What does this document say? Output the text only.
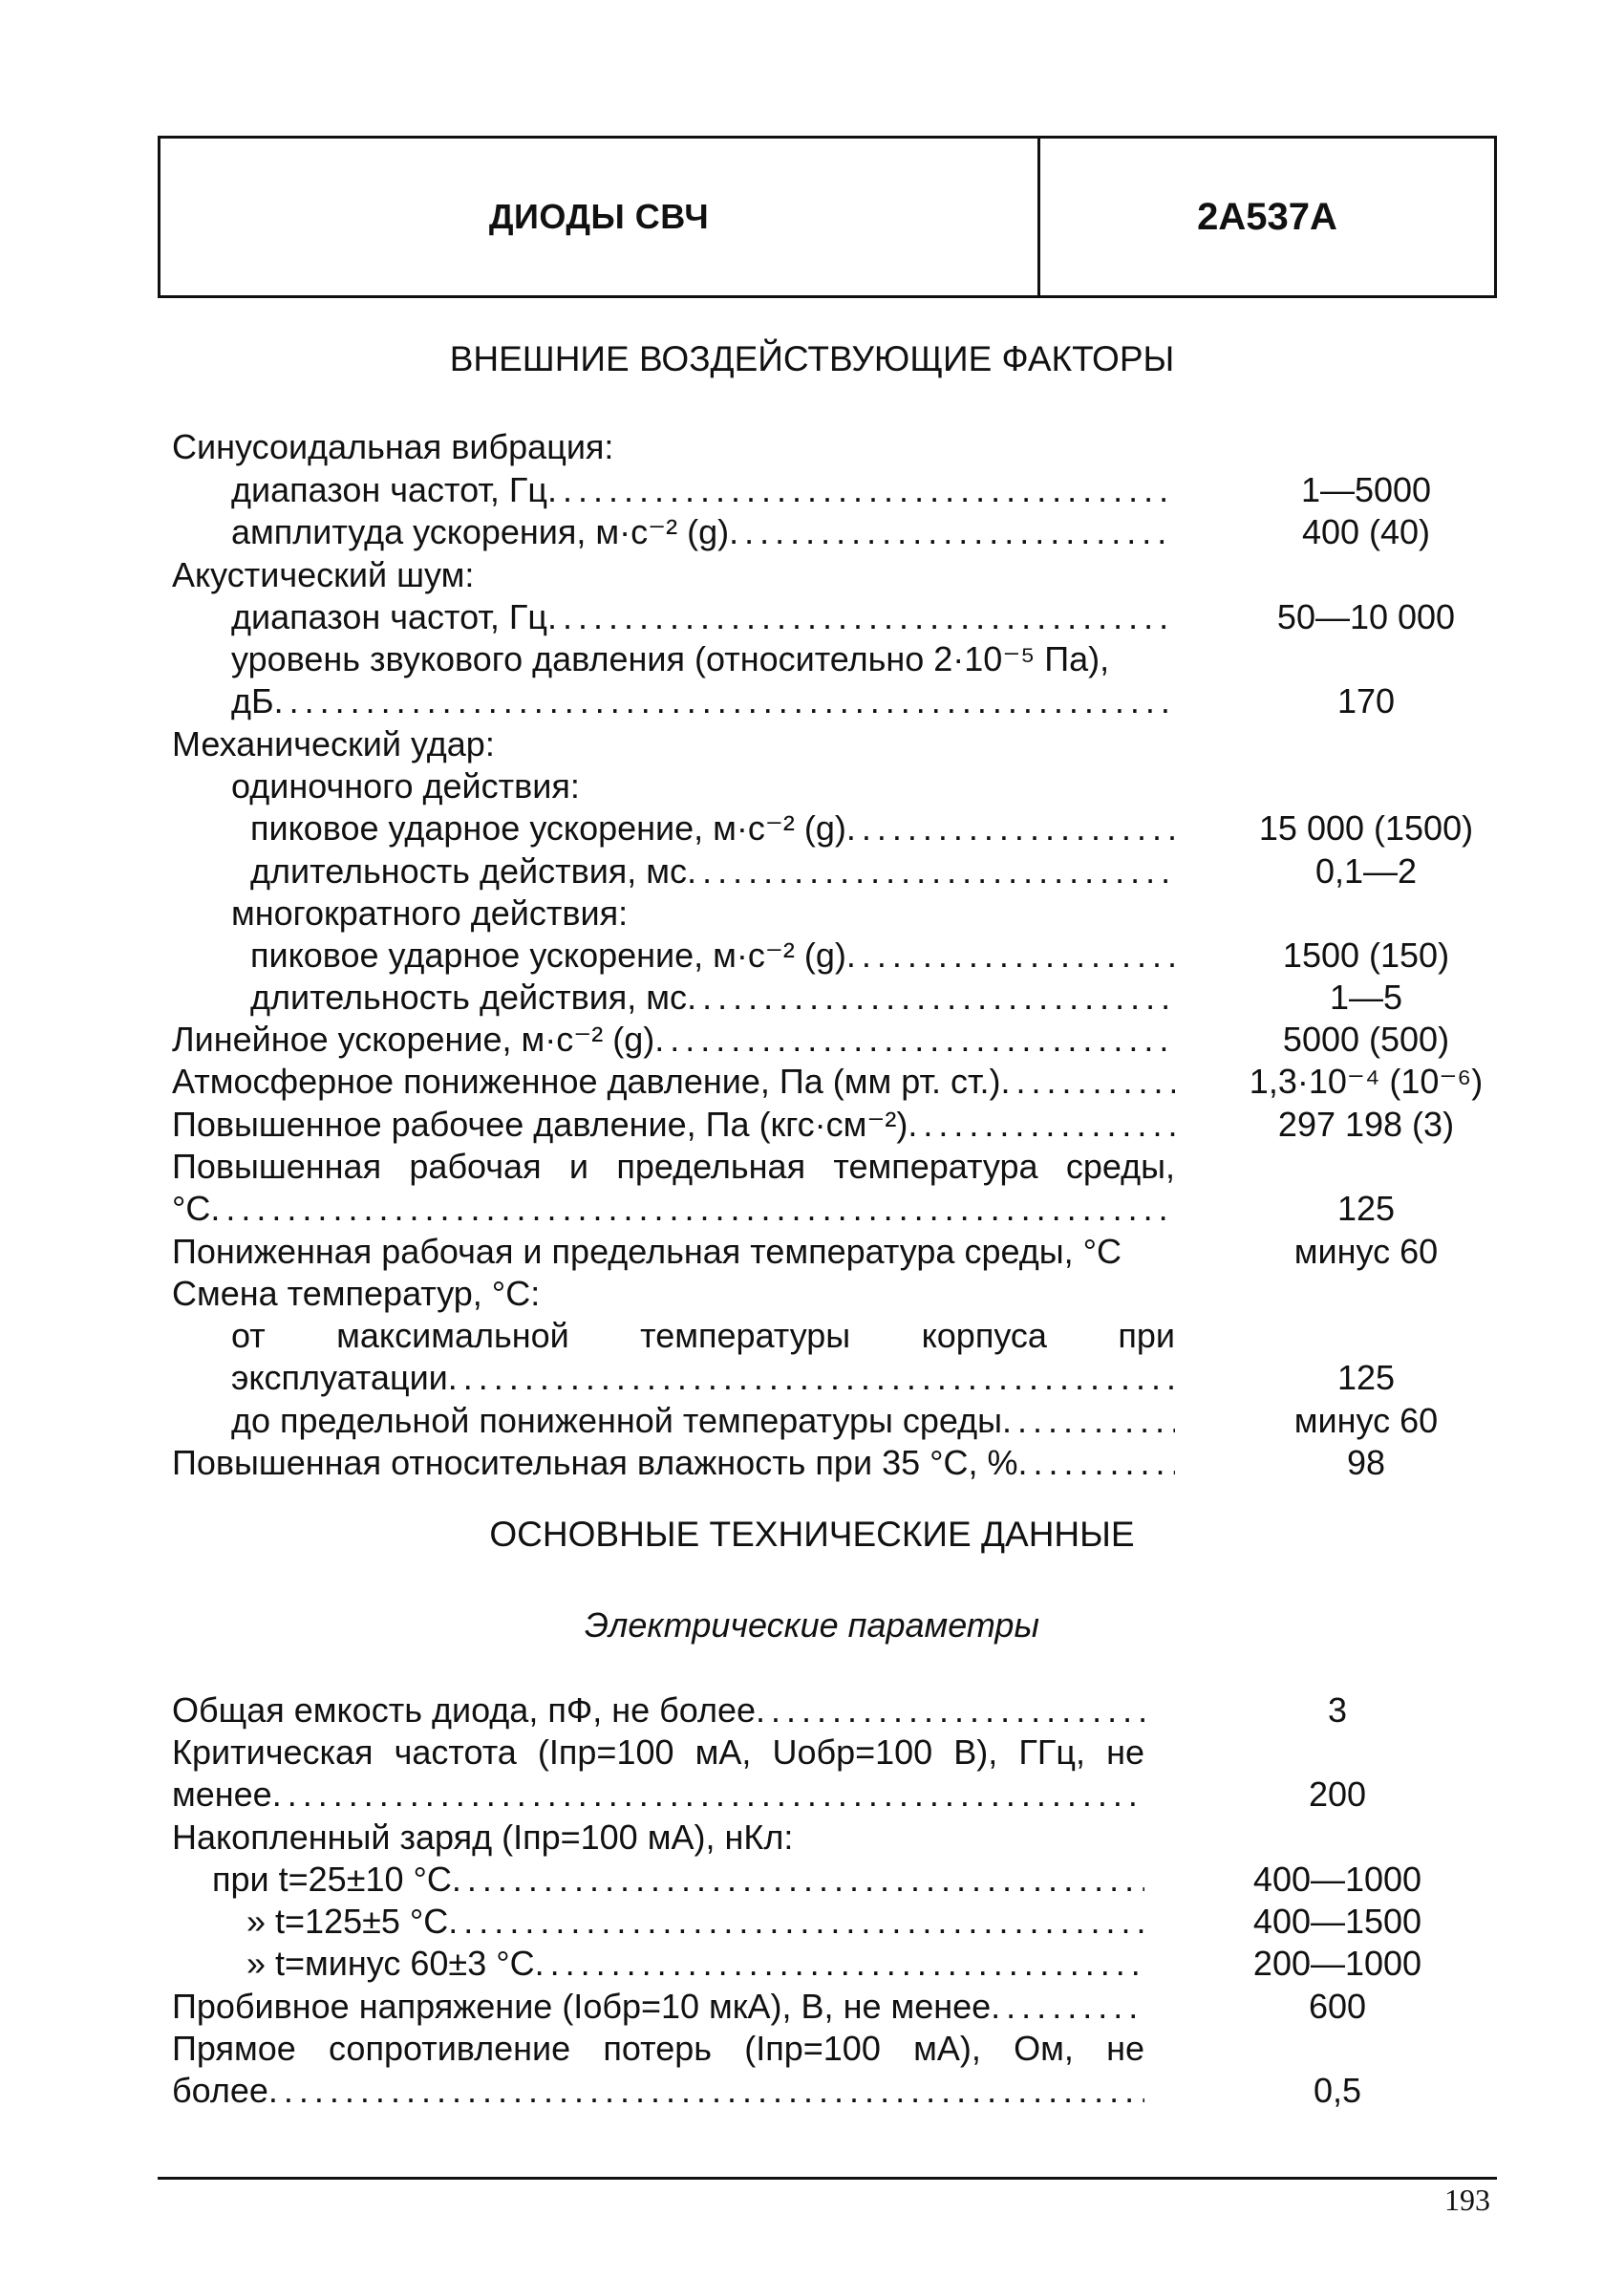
ДИОДЫ СВЧ	2А537А
ВНЕШНИЕ ВОЗДЕЙСТВУЮЩИЕ ФАКТОРЫ
Синусоидальная вибрация:
диапазон частот, Гц . . .	1—5000
амплитуда ускорения, м·с⁻² (g) . . .	400 (40)
Акустический шум:
диапазон частот, Гц . . .	50—10 000
уровень звукового давления (относительно 2·10⁻⁵ Па),
дБ . . .	170
Механический удар:
одиночного действия:
пиковое ударное ускорение, м·с⁻² (g) . . .	15 000 (1500)
длительность действия, мс . . .	0,1—2
многократного действия:
пиковое ударное ускорение, м·с⁻² (g) . . .	1500 (150)
длительность действия, мс . . .	1—5
Линейное ускорение, м·с⁻² (g) . . .	5000 (500)
Атмосферное пониженное давление, Па (мм рт. ст.) . . .	1,3·10⁻⁴ (10⁻⁶)
Повышенное рабочее давление, Па (кгс·см⁻²) . . .	297 198 (3)
Повышенная рабочая и предельная температура среды,
°С . . .	125
Пониженная рабочая и предельная температура среды, °С	минус 60
Смена температур, °С:
от максимальной температуры корпуса при
эксплуатации . . .	125
до предельной пониженной температуры среды . . .	минус 60
Повышенная относительная влажность при 35 °С, % . . .	98
ОСНОВНЫЕ ТЕХНИЧЕСКИЕ ДАННЫЕ
Электрические параметры
Общая емкость диода, пФ, не более . . .	3
Критическая частота (Iпр=100 мА, Uобр=100 В), ГГц, не
менее . . .	200
Накопленный заряд (Iпр=100 мА), нКл:
при t=25±10 °С . . .	400—1000
» t=125±5 °С . . .	400—1500
» t=минус 60±3 °С . . .	200—1000
Пробивное напряжение (Iобр=10 мкА), В, не менее . . .	600
Прямое сопротивление потерь (Iпр=100 мА), Ом, не
более . . .	0,5
193
